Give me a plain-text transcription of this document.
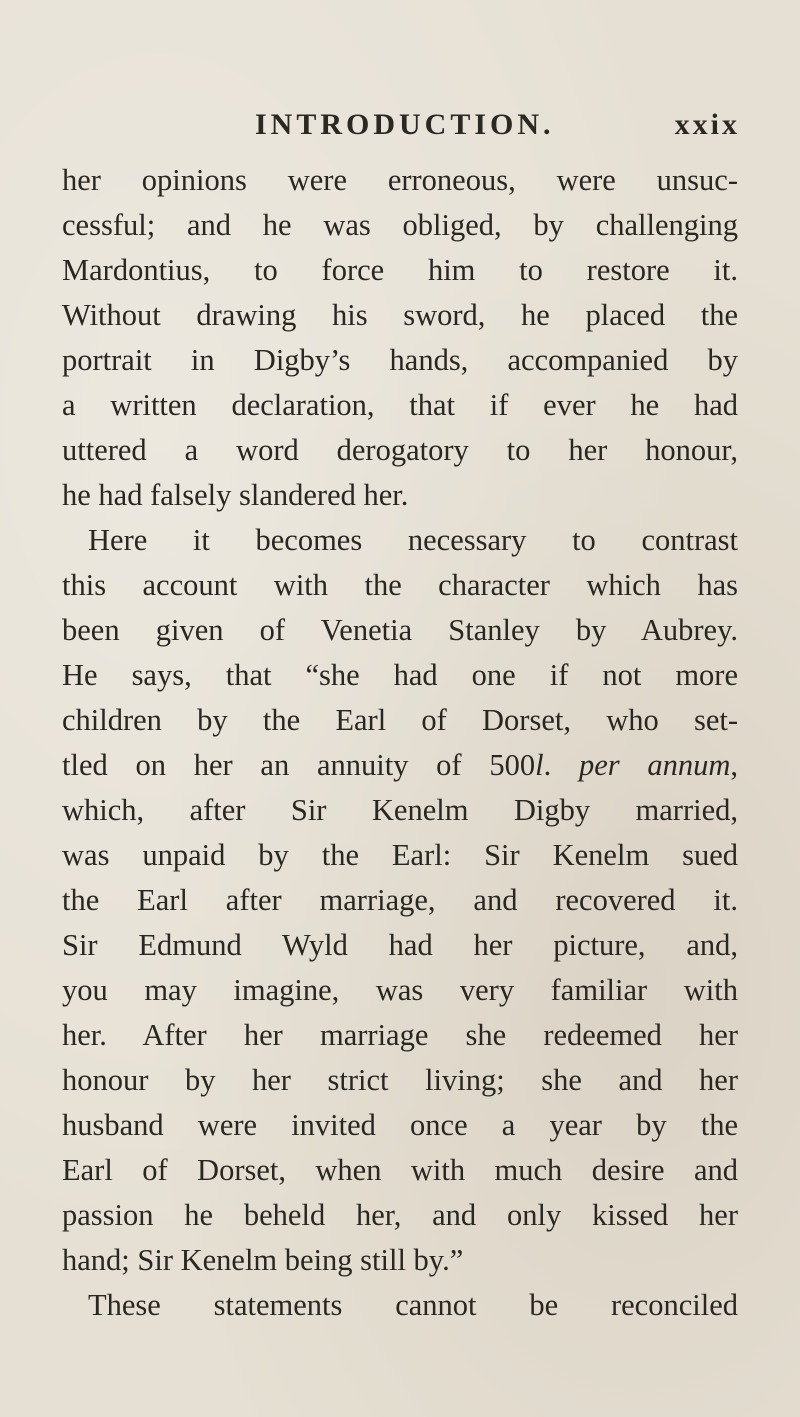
INTRODUCTION.	xxix
her opinions were erroneous, were unsuc-
cessful; and he was obliged, by challenging
Mardontius, to force him to restore it.
Without drawing his sword, he placed the
portrait in Digby’s hands, accompanied by
a written declaration, that if ever he had
uttered a word derogatory to her honour,
he had falsely slandered her.
Here it becomes necessary to contrast
this account with the character which has
been given of Venetia Stanley by Aubrey.
He says, that “she had one if not more
children by the Earl of Dorset, who set-
tled on her an annuity of 500l. per annum,
which, after Sir Kenelm Digby married,
was unpaid by the Earl: Sir Kenelm sued
the Earl after marriage, and recovered it.
Sir Edmund Wyld had her picture, and,
you may imagine, was very familiar with
her. After her marriage she redeemed her
honour by her strict living; she and her
husband were invited once a year by the
Earl of Dorset, when with much desire and
passion he beheld her, and only kissed her
hand; Sir Kenelm being still by.”
These statements cannot be reconciled
